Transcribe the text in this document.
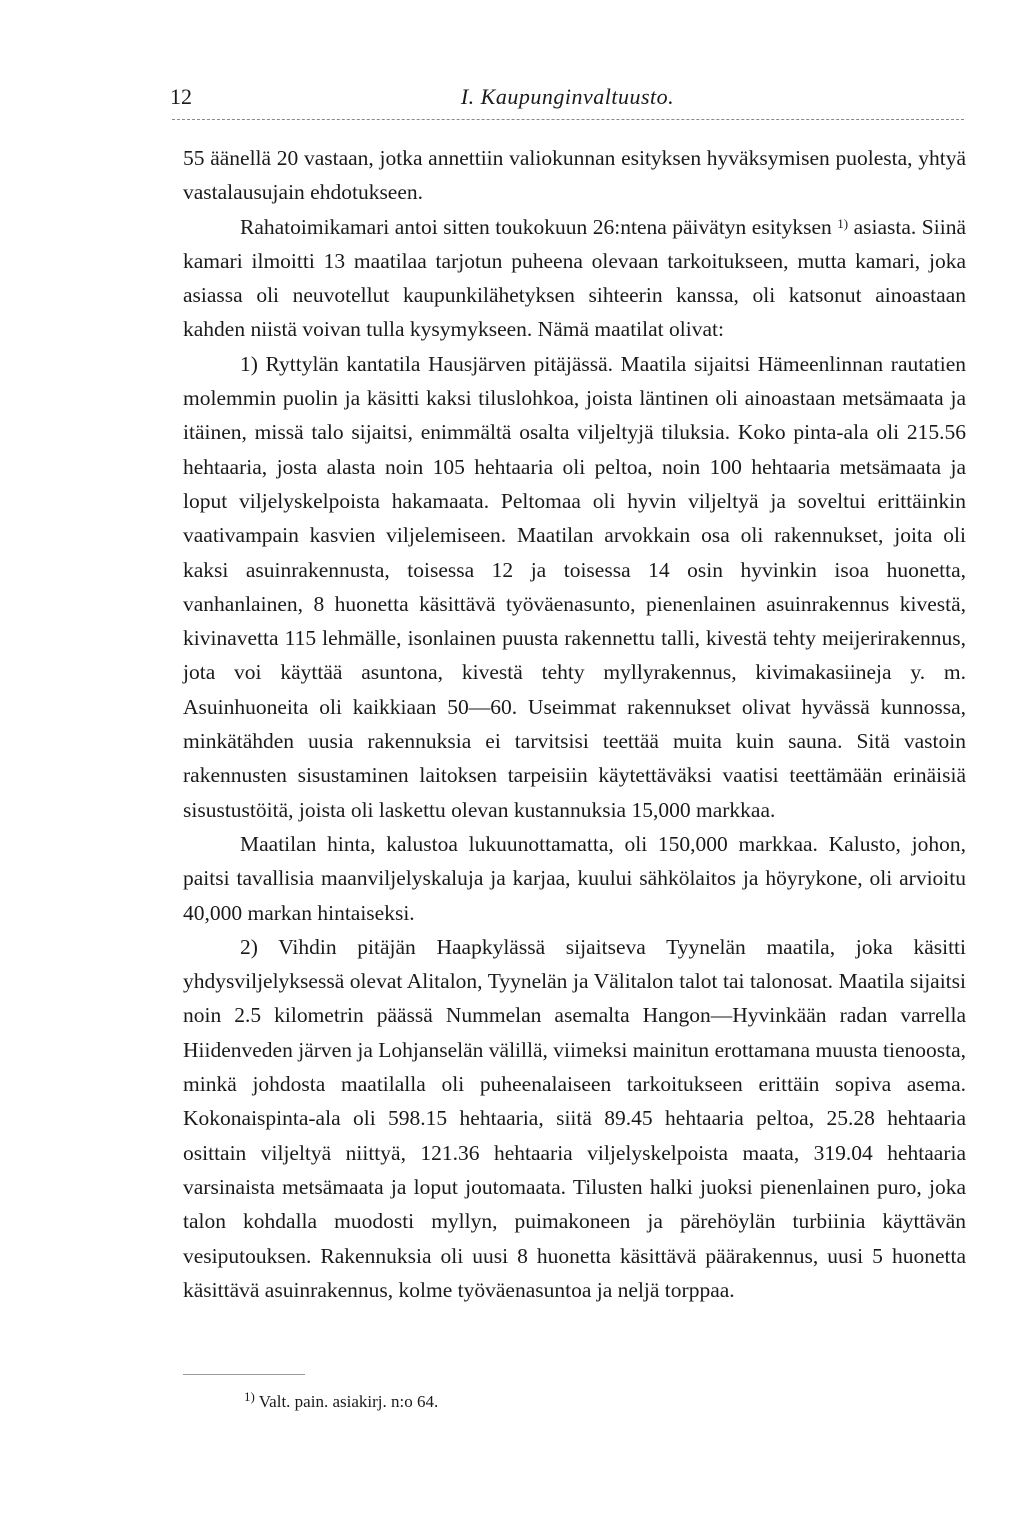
12	I. Kaupunginvaltuusto.

55 äänellä 20 vastaan, jotka annettiin valiokunnan esityksen hyväksymisen puolesta, yhtyä vastalausujain ehdotukseen.

Rahatoimikamari antoi sitten toukokuun 26:ntena päivätyn esityksen $^{1)}$ asiasta. Siinä kamari ilmoitti 13 maatilaa tarjotun puheena olevaan tarkoitukseen, mutta kamari, joka asiassa oli neuvotellut kaupunkilähetyksen sihteerin kanssa, oli katsonut ainoastaan kahden niistä voivan tulla kysymykseen. Nämä maatilat olivat:

1) Ryttylän kantatila Hausjärven pitäjässä. Maatila sijaitsi Hämeenlinnan rautatien molemmin puolin ja käsitti kaksi tiluslohkoa, joista läntinen oli ainoastaan metsämaata ja itäinen, missä talo sijaitsi, enimmältä osalta viljeltyjä tiluksia. Koko pinta-ala oli 215.56 hehtaaria, josta alasta noin 105 hehtaaria oli peltoa, noin 100 hehtaaria metsämaata ja loput viljelyskelpoista hakamaata. Peltomaa oli hyvin viljeltyä ja soveltui erittäinkin vaativampain kasvien viljelemiseen. Maatilan arvokkain osa oli rakennukset, joita oli kaksi asuinrakennusta, toisessa 12 ja toisessa 14 osin hyvinkin isoa huonetta, vanhanlainen, 8 huonetta käsittävä työväenasunto, pienenlainen asuinrakennus kivestä, kivinavetta 115 lehmälle, isonlainen puusta rakennettu talli, kivestä tehty meijerirakennus, jota voi käyttää asuntona, kivestä tehty myllyrakennus, kivimakasiineja y. m. Asuinhuoneita oli kaikkiaan 50—60. Useimmat rakennukset olivat hyvässä kunnossa, minkätähden uusia rakennuksia ei tarvitsisi teettää muita kuin sauna. Sitä vastoin rakennusten sisustaminen laitoksen tarpeisiin käytettäväksi vaatisi teettämään erinäisiä sisustustöitä, joista oli laskettu olevan kustannuksia 15,000 markkaa.

Maatilan hinta, kalustoa lukuunottamatta, oli 150,000 markkaa. Kalusto, johon, paitsi tavallisia maanviljelyskaluja ja karjaa, kuului sähkölaitos ja höyrykone, oli arvioitu 40,000 markan hintaiseksi.

2) Vihdin pitäjän Haapkylässä sijaitseva Tyynelän maatila, joka käsitti yhdysviljelyksessä olevat Alitalon, Tyynelän ja Välitalon talot tai talonosat. Maatila sijaitsi noin 2.5 kilometrin päässä Nummelan asemalta Hangon—Hyvinkään radan varrella Hiidenveden järven ja Lohjanselän välillä, viimeksi mainitun erottamana muusta tienoosta, minkä johdosta maatilalla oli puheenalaiseen tarkoitukseen erittäin sopiva asema. Kokonaispinta-ala oli 598.15 hehtaaria, siitä 89.45 hehtaaria peltoa, 25.28 hehtaaria osittain viljeltyä niittyä, 121.36 hehtaaria viljelyskelpoista maata, 319.04 hehtaaria varsinaista metsämaata ja loput joutomaata. Tilusten halki juoksi pienenlainen puro, joka talon kohdalla muodosti myllyn, puimakoneen ja pärehöylän turbiinia käyttävän vesiputouksen. Rakennuksia oli uusi 8 huonetta käsittävä päärakennus, uusi 5 huonetta käsittävä asuinrakennus, kolme työväenasuntoa ja neljä torppaa.

$^{1)}$ Valt. pain. asiakirj. n:o 64.
